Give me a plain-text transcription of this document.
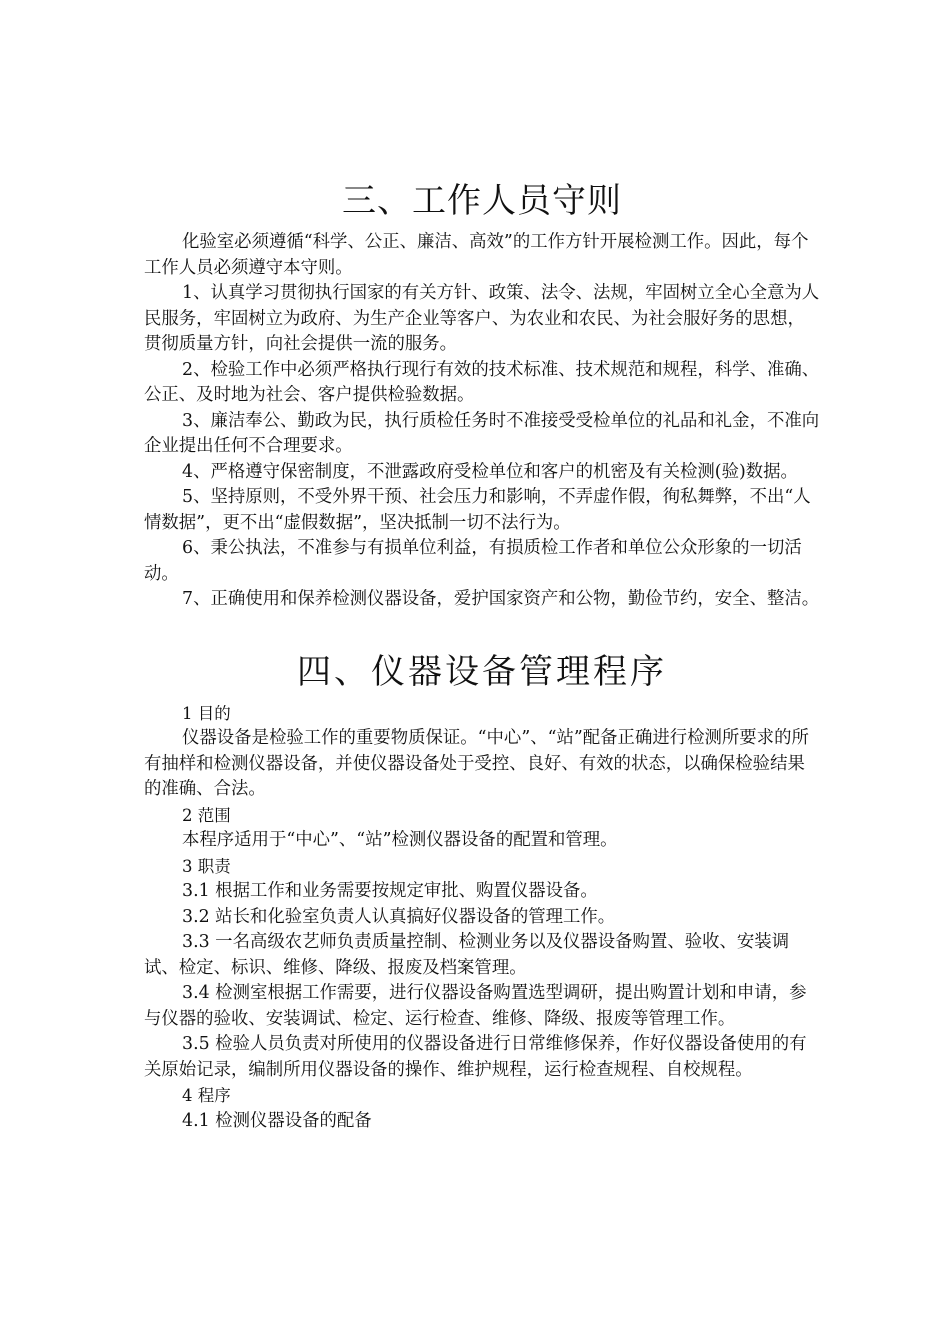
三、工作人员守则

化验室必须遵循“科学、公正、廉洁、高效”的工作方针开展检测工作。因此，每个工作人员必须遵守本守则。

1、认真学习贯彻执行国家的有关方针、政策、法令、法规，牢固树立全心全意为人民服务，牢固树立为政府、为生产企业等客户、为农业和农民、为社会服好务的思想，贯彻质量方针，向社会提供一流的服务。

2、检验工作中必须严格执行现行有效的技术标准、技术规范和规程，科学、准确、公正、及时地为社会、客户提供检验数据。

3、廉洁奉公、勤政为民，执行质检任务时不准接受受检单位的礼品和礼金，不准向企业提出任何不合理要求。

4、严格遵守保密制度，不泄露政府受检单位和客户的机密及有关检测(验)数据。

5、坚持原则，不受外界干预、社会压力和影响，不弄虚作假，徇私舞弊，不出“人情数据”，更不出“虚假数据”，坚决抵制一切不法行为。

6、秉公执法，不准参与有损单位利益，有损质检工作者和单位公众形象的一切活动。

7、正确使用和保养检测仪器设备，爱护国家资产和公物，勤俭节约，安全、整洁。

四、仪器设备管理程序

1 目的

仪器设备是检验工作的重要物质保证。“中心”、“站”配备正确进行检测所要求的所有抽样和检测仪器设备，并使仪器设备处于受控、良好、有效的状态，以确保检验结果的准确、合法。

2 范围

本程序适用于“中心”、“站”检测仪器设备的配置和管理。

3 职责

3.1 根据工作和业务需要按规定审批、购置仪器设备。

3.2 站长和化验室负责人认真搞好仪器设备的管理工作。

3.3 一名高级农艺师负责质量控制、检测业务以及仪器设备购置、验收、安装调试、检定、标识、维修、降级、报废及档案管理。

3.4 检测室根据工作需要，进行仪器设备购置选型调研，提出购置计划和申请，参与仪器的验收、安装调试、检定、运行检查、维修、降级、报废等管理工作。

3.5 检验人员负责对所使用的仪器设备进行日常维修保养，作好仪器设备使用的有关原始记录，编制所用仪器设备的操作、维护规程，运行检查规程、自校规程。

4 程序

4.1 检测仪器设备的配备
